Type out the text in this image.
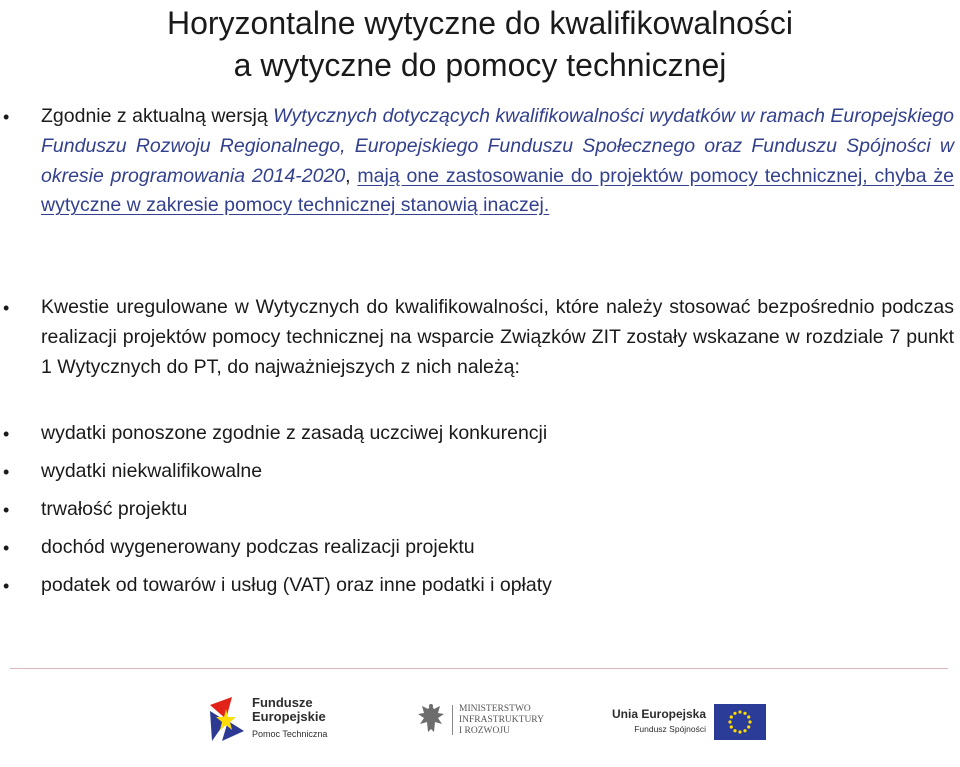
Horyzontalne wytyczne do kwalifikowalności
a wytyczne do pomocy technicznej
• Zgodnie z aktualną wersją Wytycznych dotyczących kwalifikowalności wydatków w ramach Europejskiego Funduszu Rozwoju Regionalnego, Europejskiego Funduszu Społecznego oraz Funduszu Spójności w okresie programowania 2014-2020, mają one zastosowanie do projektów pomocy technicznej, chyba że wytyczne w zakresie pomocy technicznej stanowią inaczej.
• Kwestie uregulowane w Wytycznych do kwalifikowalności, które należy stosować bezpośrednio podczas realizacji projektów pomocy technicznej na wsparcie Związków ZIT zostały wskazane w rozdziale 7 punkt 1 Wytycznych do PT, do najważniejszych z nich należą:
• wydatki ponoszone zgodnie z zasadą uczciwej konkurencji
• wydatki niekwalifikowalne
• trwałość projektu
• dochód wygenerowany podczas realizacji projektu
• podatek od towarów i usług (VAT) oraz inne podatki i opłaty
Fundusze
Europejskie
Pomoc Techniczna
MINISTERSTWO
INFRASTRUKTURY
I ROZWOJU
Unia Europejska
Fundusz Spójności
